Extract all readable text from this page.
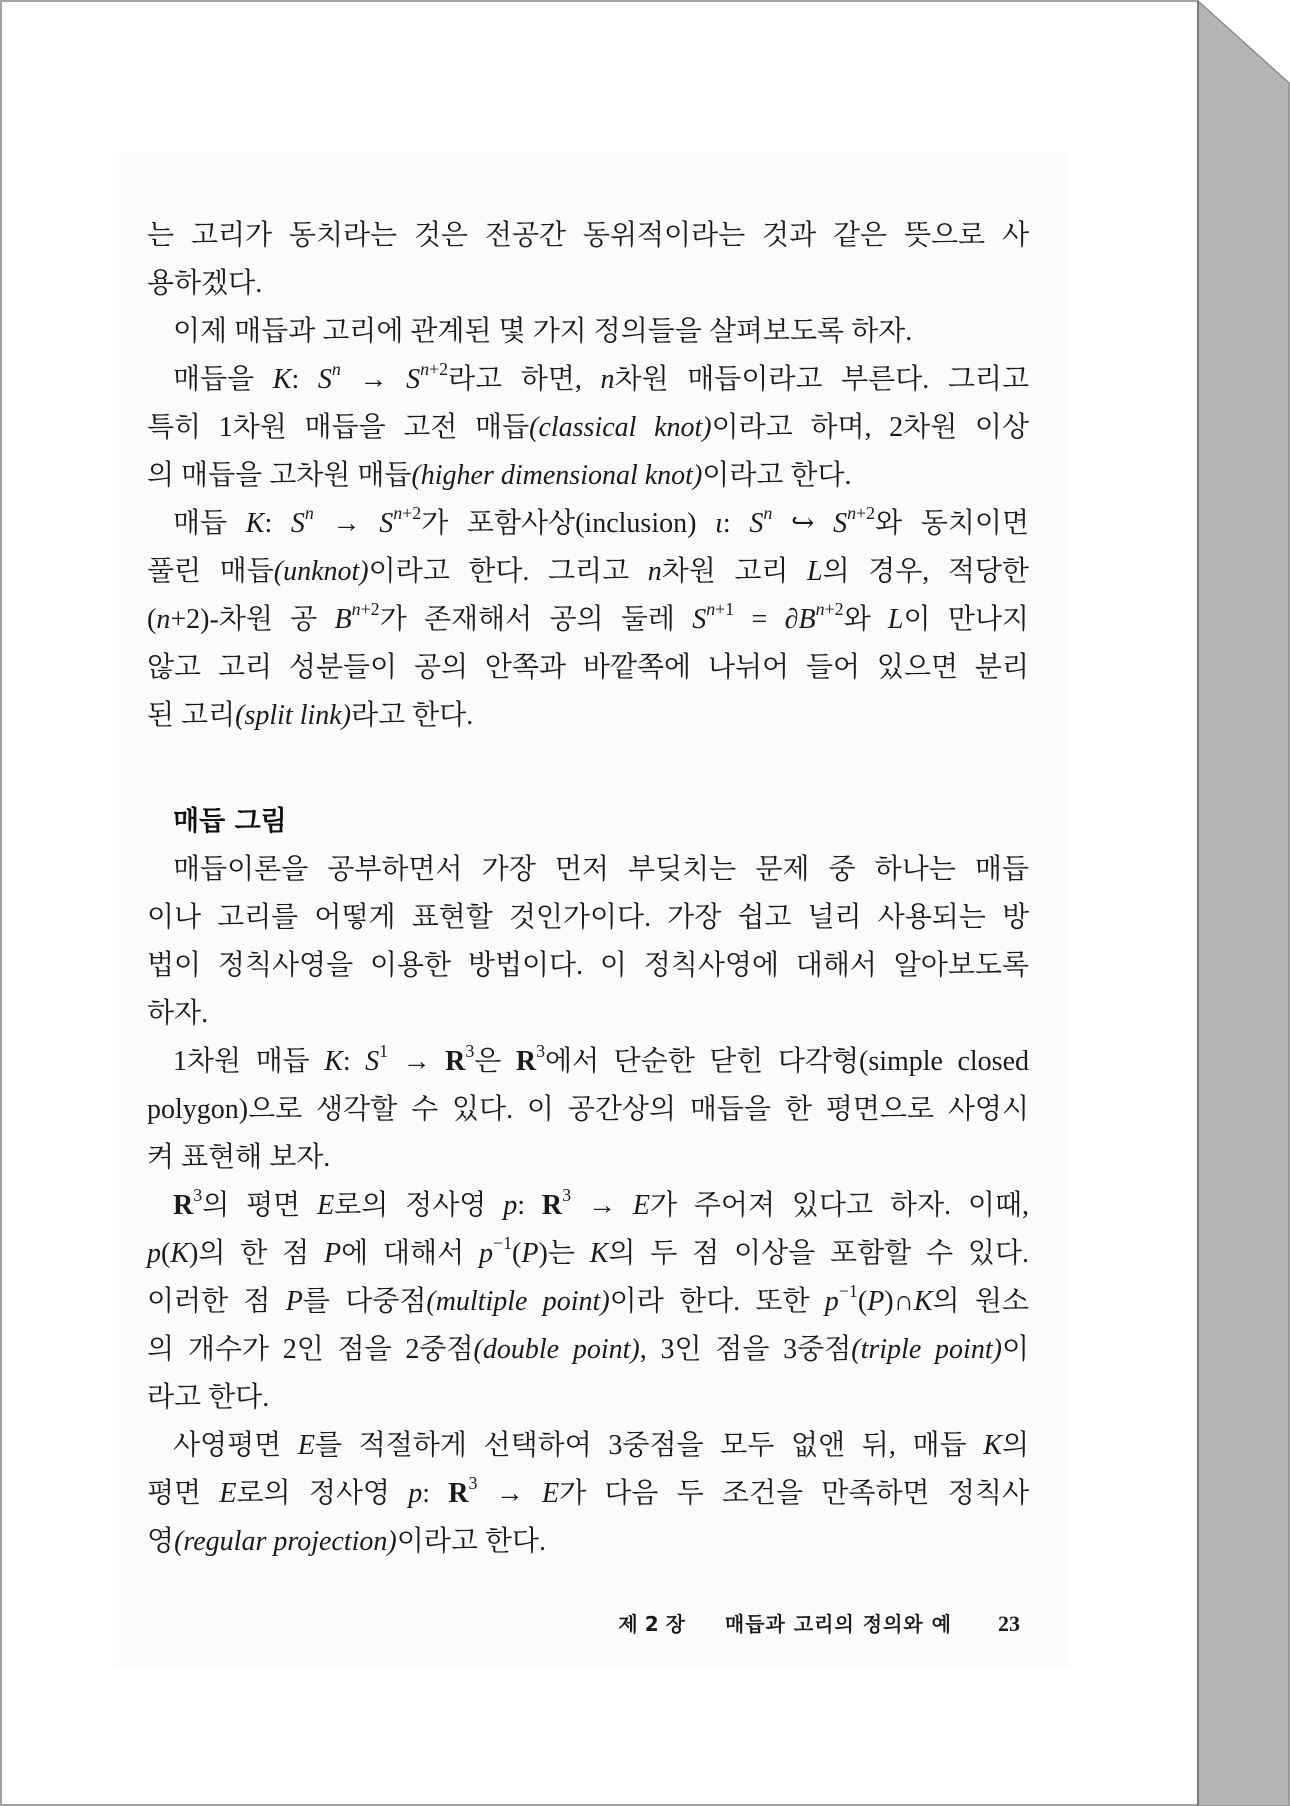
는 고리가 동치라는 것은 전공간 동위적이라는 것과 같은 뜻으로 사
용하겠다.
이제 매듭과 고리에 관계된 몇 가지 정의들을 살펴보도록 하자.
매듭을 K: $S^n \to S^{n+2}$라고 하면, n차원 매듭이라고 부른다. 그리고
특히 1차원 매듭을 고전 매듭(classical knot)이라고 하며, 2차원 이상
의 매듭을 고차원 매듭(higher dimensional knot)이라고 한다.
매듭 K: $S^n \to S^{n+2}$가 포함사상(inclusion) ι: $S^n$ ↪ $S^{n+2}$와 동치이면
풀린 매듭(unknot)이라고 한다. 그리고 n차원 고리 L의 경우, 적당한
(n+2)-차원 공 $B^{n+2}$가 존재해서 공의 둘레 $S^{n+1} = \partial B^{n+2}$와 L이 만나지
않고 고리 성분들이 공의 안쪽과 바깥쪽에 나뉘어 들어 있으면 분리
된 고리(split link)라고 한다.
매듭 그림
매듭이론을 공부하면서 가장 먼저 부딪치는 문제 중 하나는 매듭
이나 고리를 어떻게 표현할 것인가이다. 가장 쉽고 널리 사용되는 방
법이 정칙사영을 이용한 방법이다. 이 정칙사영에 대해서 알아보도록
하자.
1차원 매듭 K: $S^1 \to R^3$은 $R^3$에서 단순한 닫힌 다각형(simple closed
polygon)으로 생각할 수 있다. 이 공간상의 매듭을 한 평면으로 사영시
켜 표현해 보자.
$R^3$의 평면 E로의 정사영 p: $R^3 \to E$가 주어져 있다고 하자. 이때,
p(K)의 한 점 P에 대해서 $p^{-1}(P)$는 K의 두 점 이상을 포함할 수 있다.
이러한 점 P를 다중점(multiple point)이라 한다. 또한 $p^{-1}(P)\cap K$의 원소
의 개수가 2인 점을 2중점(double point), 3인 점을 3중점(triple point)이
라고 한다.
사영평면 E를 적절하게 선택하여 3중점을 모두 없앤 뒤, 매듭 K의
평면 E로의 정사영 p: $R^3 \to E$가 다음 두 조건을 만족하면 정칙사
영(regular projection)이라고 한다.
제 2 장 매듭과 고리의 정의와 예 23
